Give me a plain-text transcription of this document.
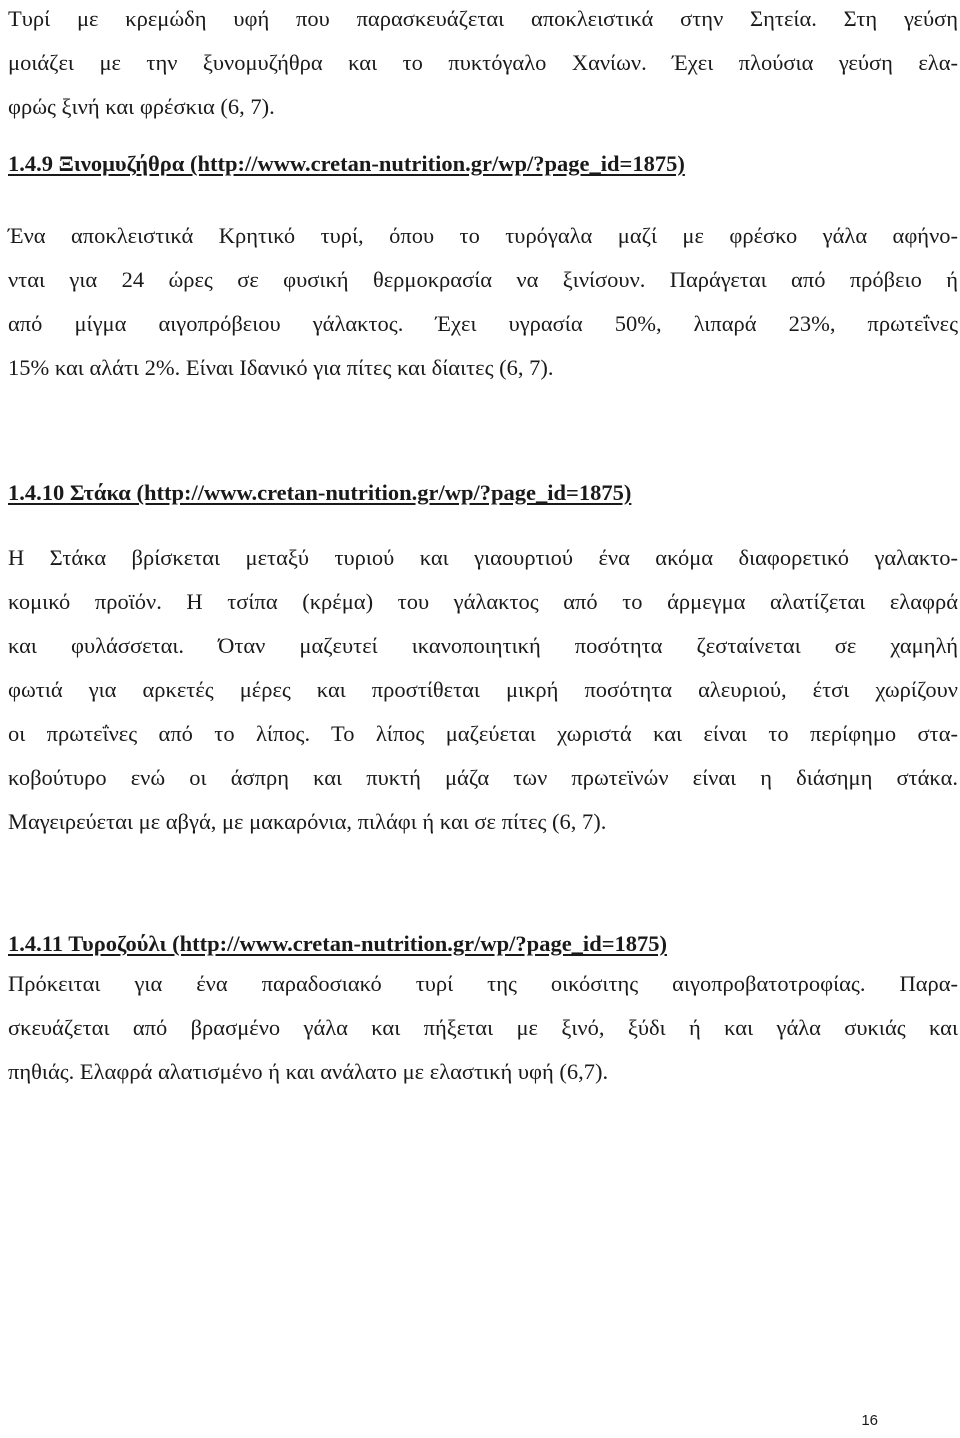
Τυρί με κρεμώδη υφή που παρασκευάζεται αποκλειστικά στην Σητεία. Στη γεύση
μοιάζει με την ξυνομυζήθρα και το πυκτόγαλο Χανίων. Έχει πλούσια γεύση ελα-
φρώς ξινή και φρέσκια (6, 7).

1.4.9 Ξινομυζήθρα (http://www.cretan-nutrition.gr/wp/?page_id=1875)

Ένα αποκλειστικά Κρητικό τυρί, όπου το τυρόγαλα μαζί με φρέσκο γάλα αφήνο-
νται για 24 ώρες σε φυσική θερμοκρασία να ξινίσουν. Παράγεται από πρόβειο ή
από μίγμα αιγοπρόβειου γάλακτος. Έχει υγρασία 50%, λιπαρά 23%, πρωτεΐνες
15% και αλάτι 2%. Είναι Ιδανικό για πίτες και δίαιτες (6, 7).

1.4.10 Στάκα (http://www.cretan-nutrition.gr/wp/?page_id=1875)

Η Στάκα βρίσκεται μεταξύ τυριού και γιαουρτιού ένα ακόμα διαφορετικό γαλακτο-
κομικό προϊόν. Η τσίπα (κρέμα) του γάλακτος από το άρμεγμα αλατίζεται ελαφρά
και φυλάσσεται. Όταν μαζευτεί ικανοποιητική ποσότητα ζεσταίνεται σε χαμηλή
φωτιά για αρκετές μέρες και προστίθεται μικρή ποσότητα αλευριού, έτσι χωρίζουν
οι πρωτεΐνες από το λίπος. Το λίπος μαζεύεται χωριστά και είναι το περίφημο στα-
κοβούτυρο ενώ οι άσπρη και πυκτή μάζα των πρωτεϊνών είναι η διάσημη στάκα.
Μαγειρεύεται με αβγά, με μακαρόνια, πιλάφι ή και σε πίτες (6, 7).

1.4.11 Τυροζούλι (http://www.cretan-nutrition.gr/wp/?page_id=1875)

Πρόκειται για ένα παραδοσιακό τυρί της οικόσιτης αιγοπροβατοτροφίας. Παρα-
σκευάζεται από βρασμένο γάλα και πήξεται με ξινό, ξύδι ή και γάλα συκιάς και
πηθιάς. Ελαφρά αλατισμένο ή και ανάλατο με ελαστική υφή (6,7).

16
